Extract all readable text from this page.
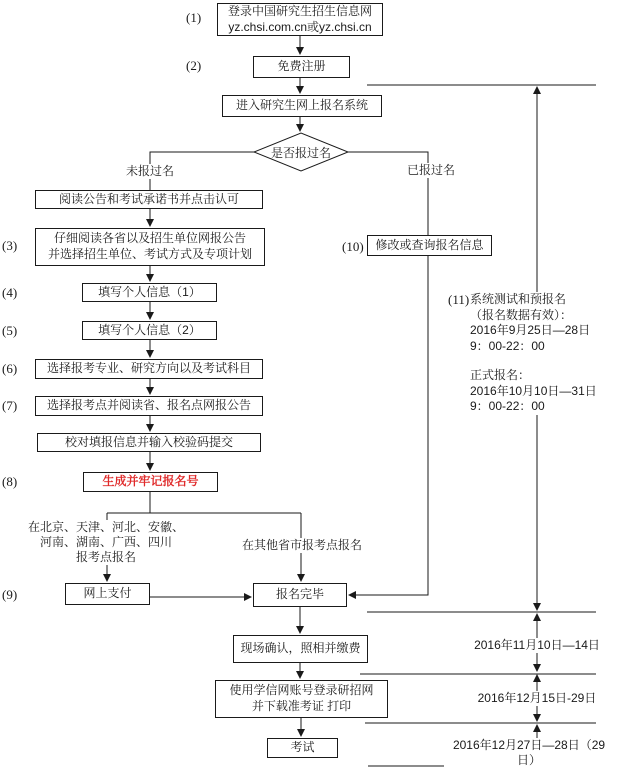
(1)
(2)
(3)
(4)
(5)
(6)
(7)
(8)
(9)
(10)
(11)
登录中国研究生招生信息网
yz.chsi.com.cn或yz.chsi.cn
免费注册
进入研究生网上报名系统
是否报过名
未报过名	已报过名
阅读公告和考试承诺书并点击认可
仔细阅读各省以及招生单位网报公告
并选择招生单位、考试方式及专项计划
填写个人信息（1）
填写个人信息（2）
选择报考专业、研究方向以及考试科目
选择报考点并阅读省、报名点网报公告
校对填报信息并输入校验码提交
生成并牢记报名号
在北京、天津、河北、安徽、
河南、湖南、广西、四川
报考点报名
在其他省市报考点报名
网上支付	报名完毕
修改或查询报名信息
系统测试和预报名
（报名数据有效）：
2016年9月25日—28日
9：00-22：00
正式报名：
2016年10月10日—31日
9：00-22：00
现场确认，照相并缴费
使用学信网账号登录研招网
并下载准考证 打印
考试
2016年11月10日—14日
2016年12月15日-29日
2016年12月27日—28日（29日）
